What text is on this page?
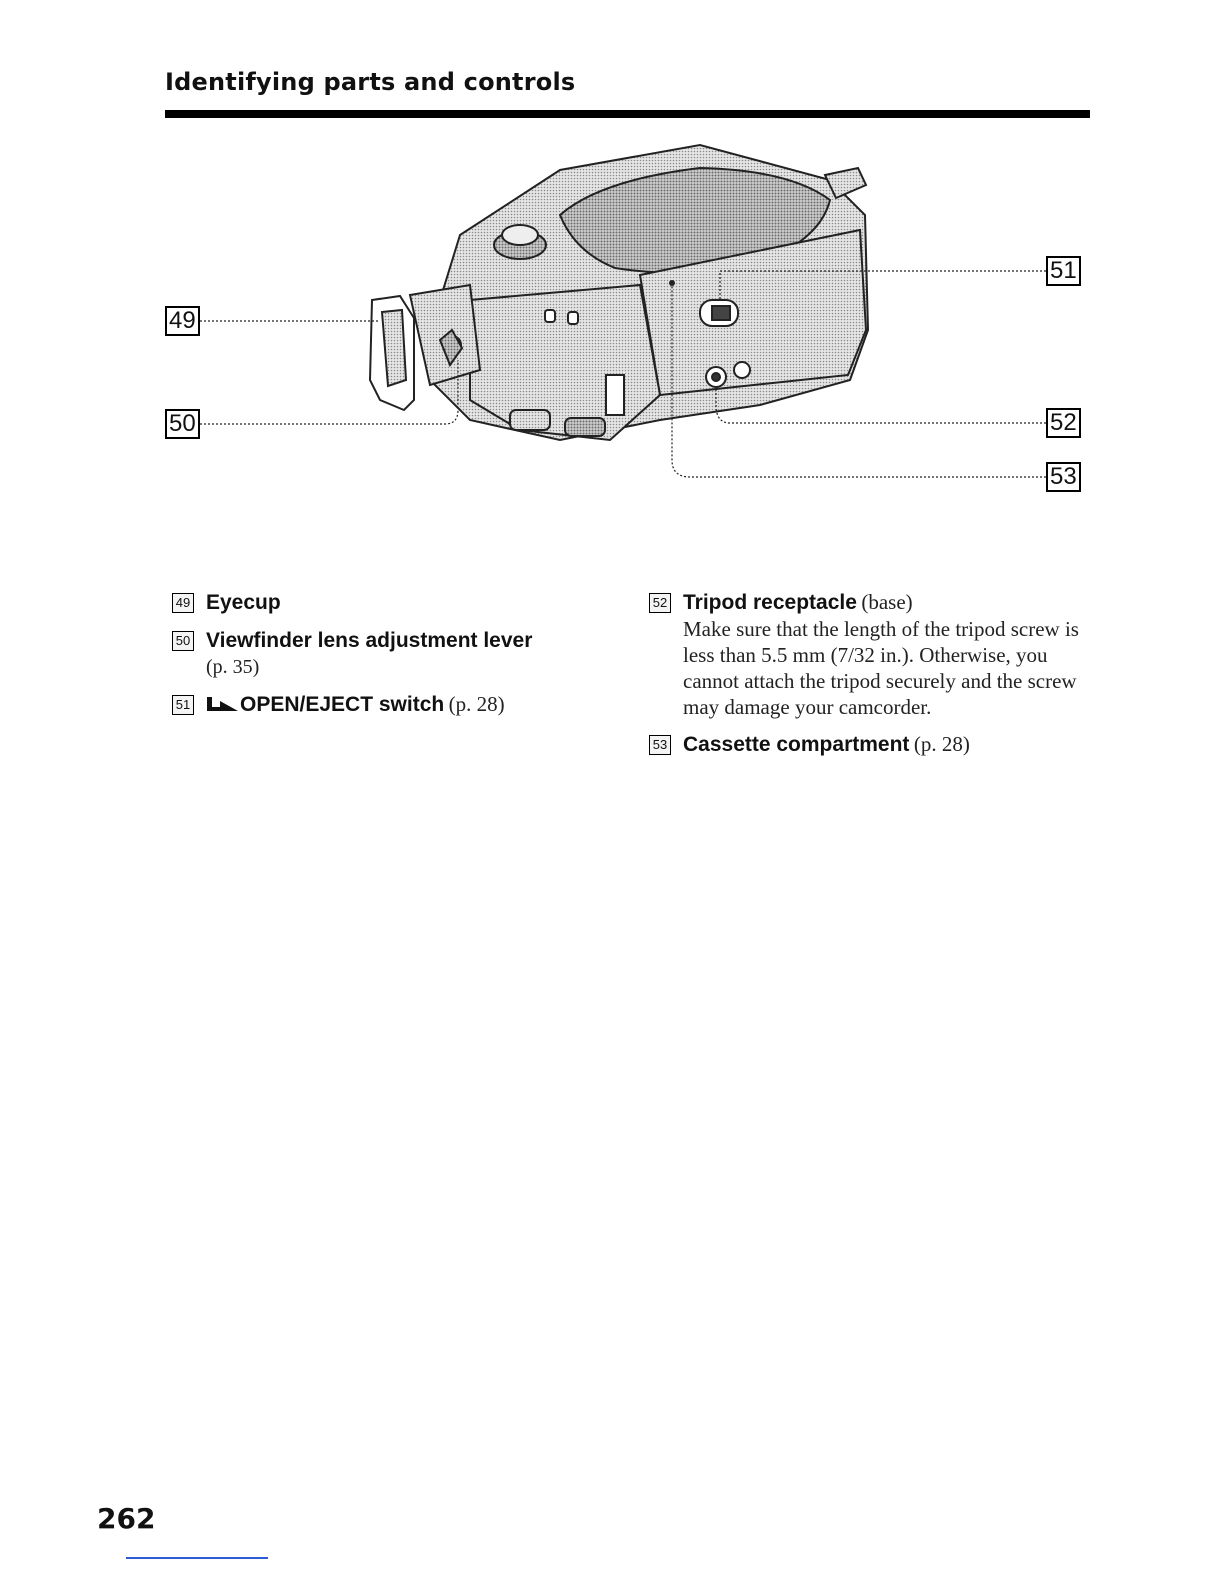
Identifying parts and controls
49
50
51
52
53
49 Eyecup
50 Viewfinder lens adjustment lever
(p. 35)
51	OPEN/EJECT switch (p. 28)
52 Tripod receptacle (base)
Make sure that the length of the tripod screw is less than 5.5 mm (7/32 in.). Otherwise, you cannot attach the tripod securely and the screw may damage your camcorder.
53 Cassette compartment (p. 28)
262
